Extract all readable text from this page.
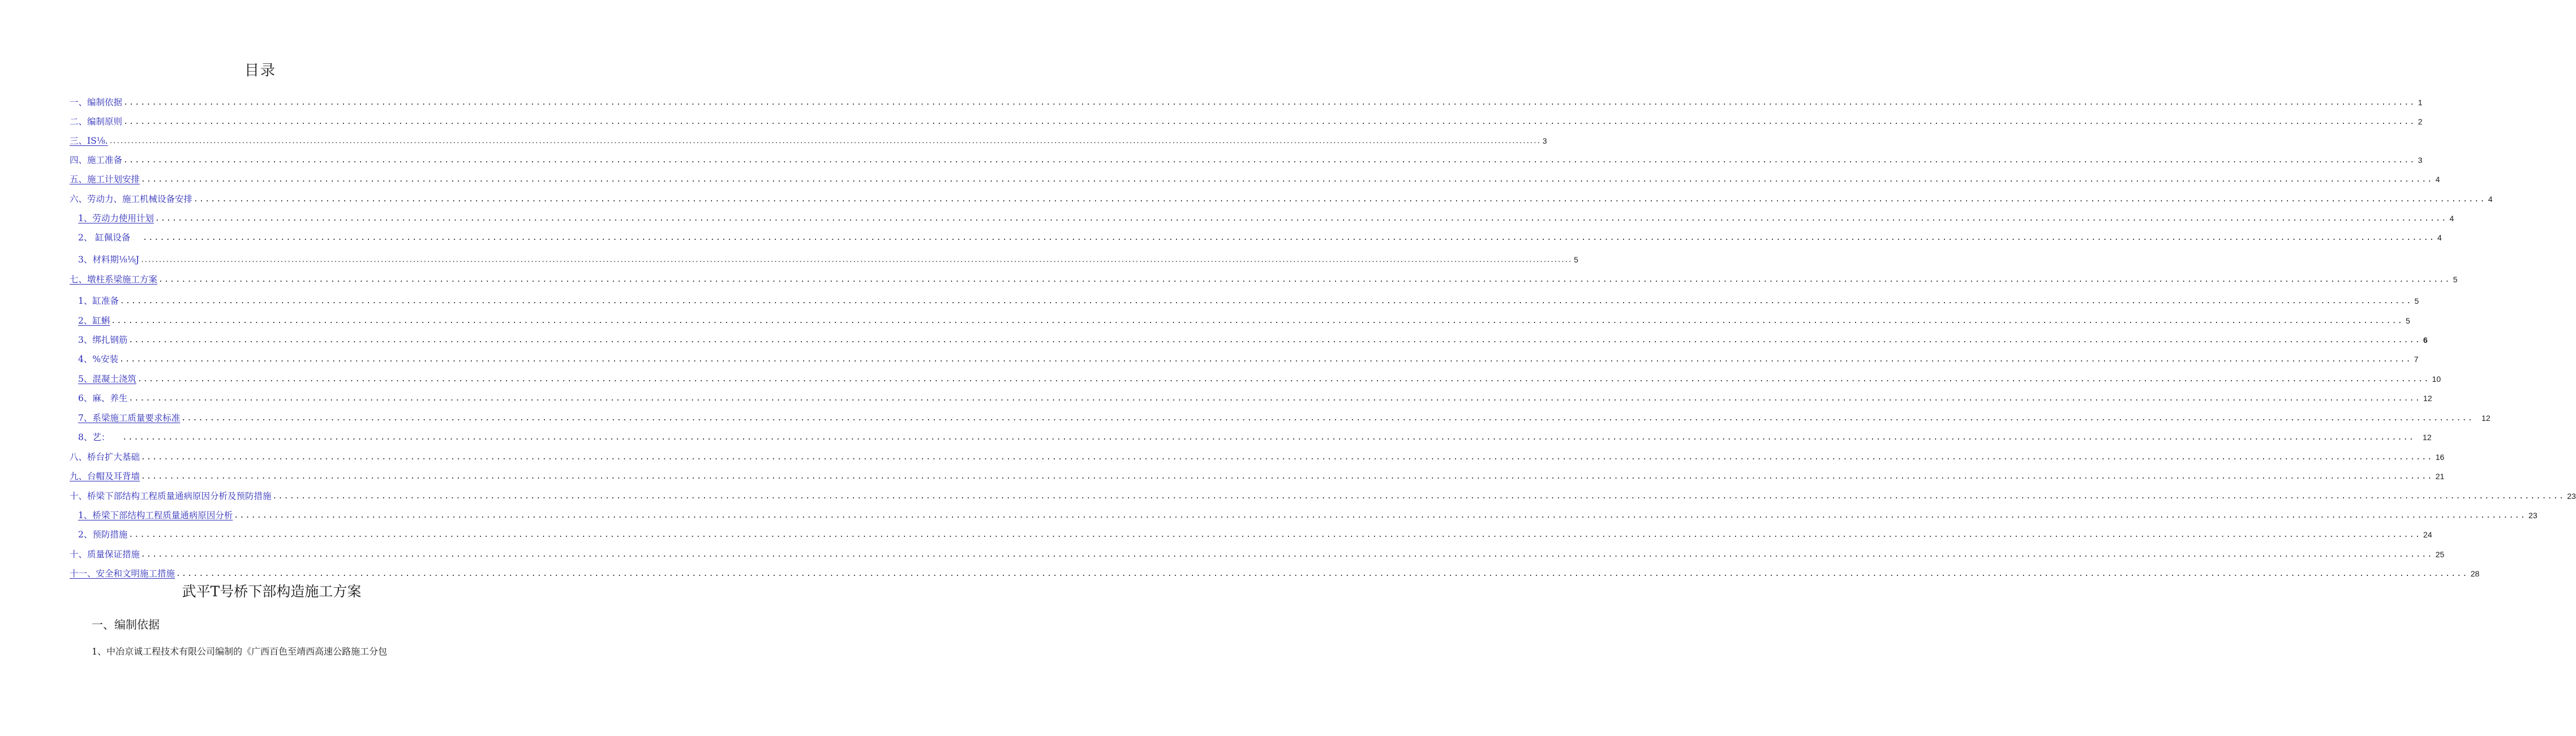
目录
一、编制依据 ................................................................................................................................................................................................................................................................................................................................................................................................................ 1
二、编制原则 ................................................................................................................................................................................................................................................................................................................................................................................................................ 2
三、IS⅛. ................................................................................................................................................................................................................................................................................................................................................................................................................ 3
四、施工准备 ................................................................................................................................................................................................................................................................................................................................................................................................................ 3
五、施工计划安排 ................................................................................................................................................................................................................................................................................................................................................................................................................ 4
六、劳动力、施工机械设备安排 ................................................................................................................................................................................................................................................................................................................................................................................................................ 4
1、劳动力使用计划 ................................................................................................................................................................................................................................................................................................................................................................................................................ 4
2、 缸佩设备 ................................................................................................................................................................................................................................................................................................................................................................................................................ 4
3、材料期⅛⅛J ................................................................................................................................................................................................................................................................................................................................................................................................................ 5
七、墩柱系梁施工方案 ................................................................................................................................................................................................................................................................................................................................................................................................................ 5
1、缸准备 ................................................................................................................................................................................................................................................................................................................................................................................................................ 5
2、缸蝌 ................................................................................................................................................................................................................................................................................................................................................................................................................ 5
3、绑扎钢筋 ................................................................................................................................................................................................................................................................................................................................................................................................................ 6
4、%安装 ................................................................................................................................................................................................................................................................................................................................................................................................................ 7
5、混凝土浇筑 ................................................................................................................................................................................................................................................................................................................................................................................................................ 10
6、麻、养生 ................................................................................................................................................................................................................................................................................................................................................................................................................ 12
7、系梁施工质量要求标准 ................................................................................................................................................................................................................................................................................................................................................................................................................	12
8、艺： ................................................................................................................................................................................................................................................................................................................................................................................................................	12
八、桥台扩大基础 ................................................................................................................................................................................................................................................................................................................................................................................................................ 16
九、台帽及耳背墙 ................................................................................................................................................................................................................................................................................................................................................................................................................ 21
十、桥梁下部结构工程质量通病原因分析及预防措施 ................................................................................................................................................................................................................................................................................................................................................................................................................ 23
1、桥梁下部结构工程质量通病原因分析 ................................................................................................................................................................................................................................................................................................................................................................................................................ 23
2、预防措施 ................................................................................................................................................................................................................................................................................................................................................................................................................ 24
十、质量保证措施 ................................................................................................................................................................................................................................................................................................................................................................................................................ 25
十一、安全和文明施工措施 ................................................................................................................................................................................................................................................................................................................................................................................................................ 28
武平T号桥下部构造施工方案
一、编制依据
1、中冶京诚工程技术有限公司编制的《广西百色至靖西高速公路施工分包
